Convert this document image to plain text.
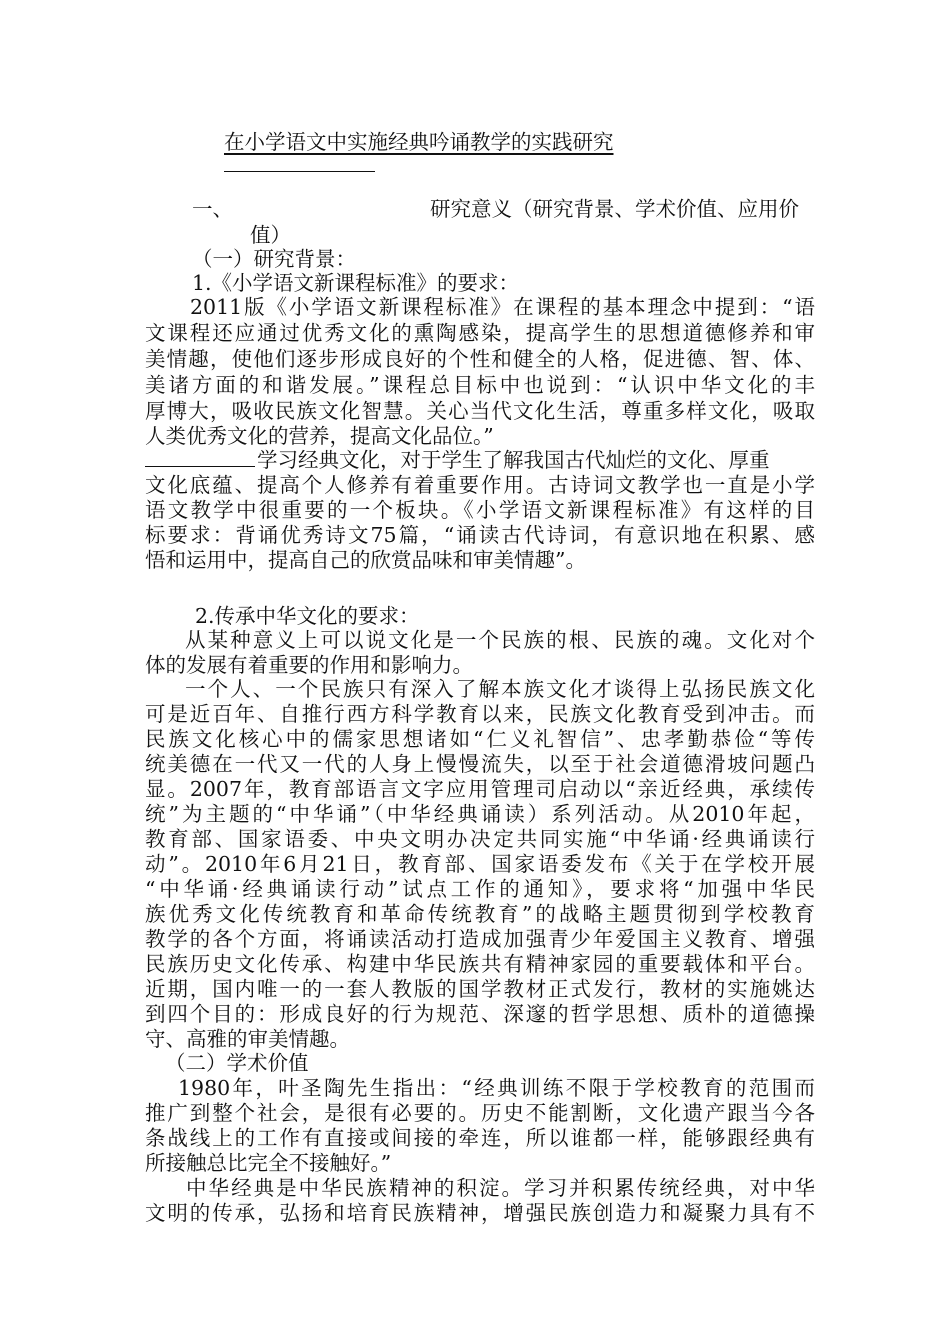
在小学语文中实施经典吟诵教学的实践研究
一、	研究意义（研究背景、学术价值、应用价
值）
（一）研究背景：
1.《小学语文新课程标准》的要求：
2011版《小学语文新课程标准》在课程的基本理念中提到：“语
文课程还应通过优秀文化的熏陶感染，提高学生的思想道德修养和审
美情趣，使他们逐步形成良好的个性和健全的人格，促进德、智、体、
美诸方面的和谐发展。”课程总目标中也说到：“认识中华文化的丰
厚博大，吸收民族文化智慧。关心当代文化生活，尊重多样文化，吸取
人类优秀文化的营养，提高文化品位。”
学习经典文化，对于学生了解我国古代灿烂的文化、厚重
文化底蕴、提高个人修养有着重要作用。古诗词文教学也一直是小学
语文教学中很重要的一个板块。《小学语文新课程标准》有这样的目
标要求：背诵优秀诗文75篇，“诵读古代诗词，有意识地在积累、感
悟和运用中，提高自己的欣赏品味和审美情趣”。
2.传承中华文化的要求：
从某种意义上可以说文化是一个民族的根、民族的魂。文化对个
体的发展有着重要的作用和影响力。
一个人、一个民族只有深入了解本族文化才谈得上弘扬民族文化
可是近百年、自推行西方科学教育以来，民族文化教育受到冲击。而
民族文化核心中的儒家思想诸如“仁义礼智信”、忠孝勤恭俭“等传
统美德在一代又一代的人身上慢慢流失，以至于社会道德滑坡问题凸
显。2007年，教育部语言文字应用管理司启动以“亲近经典，承续传
统”为主题的“中华诵”（中华经典诵读）系列活动。从2010年起，
教育部、国家语委、中央文明办决定共同实施“中华诵·经典诵读行
动”。2010年6月21日，教育部、国家语委发布《关于在学校开展
“中华诵·经典诵读行动”试点工作的通知》，要求将“加强中华民
族优秀文化传统教育和革命传统教育”的战略主题贯彻到学校教育
教学的各个方面，将诵读活动打造成加强青少年爱国主义教育、增强
民族历史文化传承、构建中华民族共有精神家园的重要载体和平台。
近期，国内唯一的一套人教版的国学教材正式发行，教材的实施姚达
到四个目的：形成良好的行为规范、深邃的哲学思想、质朴的道德操
守、高雅的审美情趣。
（二）学术价值
1980年，叶圣陶先生指出：“经典训练不限于学校教育的范围而
推广到整个社会，是很有必要的。历史不能割断，文化遗产跟当今各
条战线上的工作有直接或间接的牵连，所以谁都一样，能够跟经典有
所接触总比完全不接触好。”
中华经典是中华民族精神的积淀。学习并积累传统经典，对中华
文明的传承，弘扬和培育民族精神，增强民族创造力和凝聚力具有不
